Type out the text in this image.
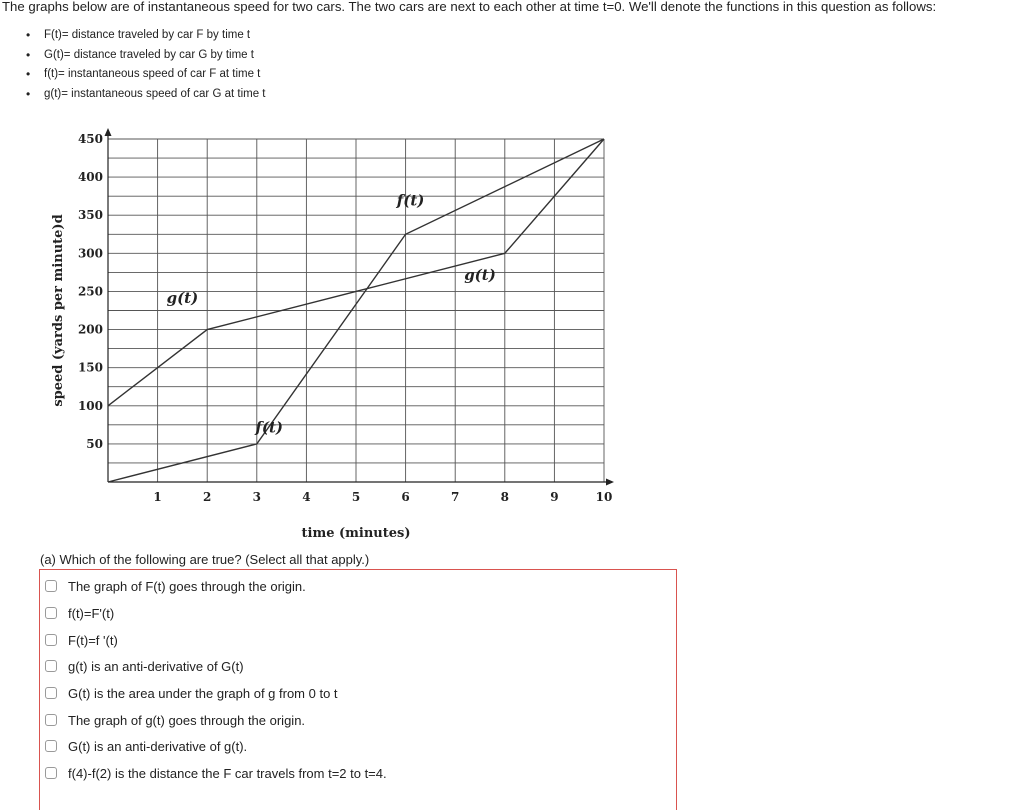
The graphs below are of instantaneous speed for two cars. The two cars are next to each other at time t=0. We'll denote the functions in this question as follows:
• F(t)= distance traveled by car F by time t
• G(t)= distance traveled by car G by time t
• f(t)= instantaneous speed of car F at time t
• g(t)= instantaneous speed of car G at time t
1	2	3	4	5	6	7	8	9	10
50
100
150
200
250
300
350
400
450
g(t)
f(t)
g(t)
f(t)
time (minutes)
speed (yards per minute)d
(a) Which of the following are true? (Select all that apply.)
The graph of F(t) goes through the origin.
f(t)=F'(t)
F(t)=f '(t)
g(t) is an anti-derivative of G(t)
G(t) is the area under the graph of g from 0 to t
The graph of g(t) goes through the origin.
G(t) is an anti-derivative of g(t).
f(4)-f(2) is the distance the F car travels from t=2 to t=4.
